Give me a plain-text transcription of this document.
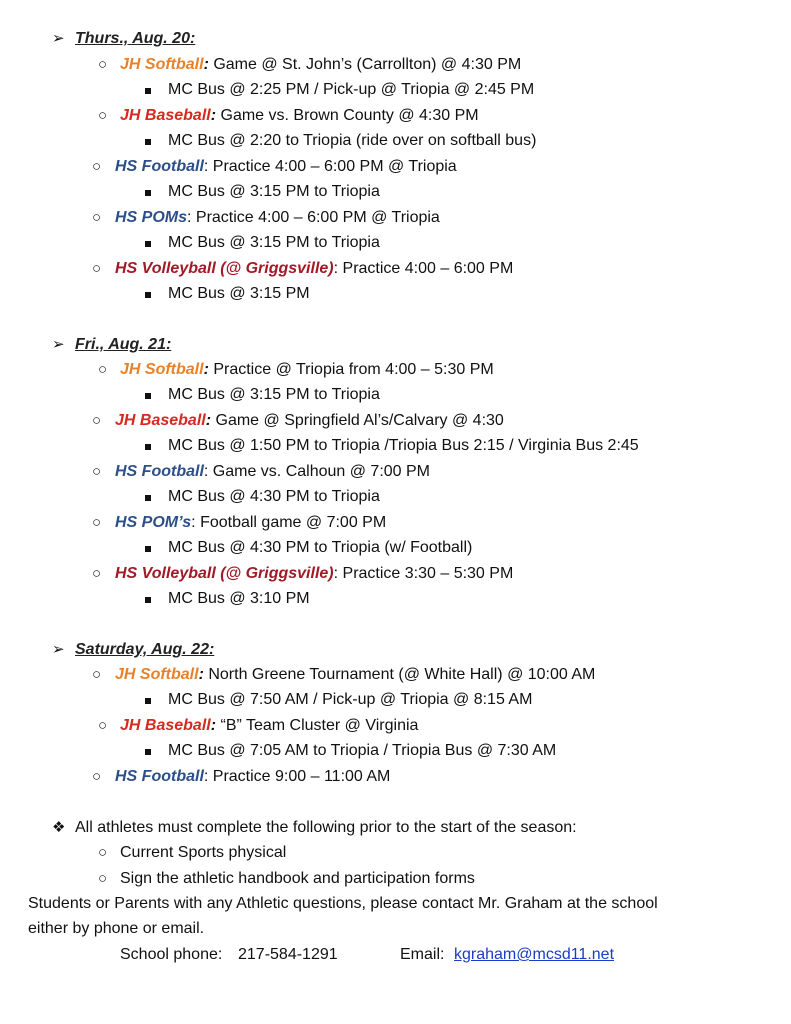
➢ Thurs., Aug. 20:
○ JH Softball: Game @ St. John’s (Carrollton) @ 4:30 PM
MC Bus @ 2:25 PM / Pick-up @ Triopia @ 2:45 PM
○ JH Baseball: Game vs. Brown County @ 4:30 PM
MC Bus @ 2:20 to Triopia (ride over on softball bus)
○ HS Football: Practice 4:00 – 6:00 PM @ Triopia
MC Bus @ 3:15 PM to Triopia
○ HS POMs: Practice 4:00 – 6:00 PM @ Triopia
MC Bus @ 3:15 PM to Triopia
○ HS Volleyball (@ Griggsville): Practice 4:00 – 6:00 PM
MC Bus @ 3:15 PM
➢ Fri., Aug. 21:
○ JH Softball: Practice @ Triopia from 4:00 – 5:30 PM
MC Bus @ 3:15 PM to Triopia
○ JH Baseball: Game @ Springfield Al’s/Calvary @ 4:30
MC Bus @ 1:50 PM to Triopia /Triopia Bus 2:15 / Virginia Bus 2:45
○ HS Football: Game vs. Calhoun @ 7:00 PM
MC Bus @ 4:30 PM to Triopia
○ HS POM’s: Football game @ 7:00 PM
MC Bus @ 4:30 PM to Triopia (w/ Football)
○ HS Volleyball (@ Griggsville): Practice 3:30 – 5:30 PM
MC Bus @ 3:10 PM
➢ Saturday, Aug. 22:
○ JH Softball: North Greene Tournament (@ White Hall) @ 10:00 AM
MC Bus @ 7:50 AM / Pick-up @ Triopia @ 8:15 AM
○ JH Baseball: “B” Team Cluster @ Virginia
MC Bus @ 7:05 AM to Triopia / Triopia Bus @ 7:30 AM
○ HS Football: Practice 9:00 – 11:00 AM
❖ All athletes must complete the following prior to the start of the season:
○ Current Sports physical
○ Sign the athletic handbook and participation forms
Students or Parents with any Athletic questions, please contact Mr. Graham at the school
either by phone or email.
School phone: 217-584-1291	Email: kgraham@mcsd11.net
